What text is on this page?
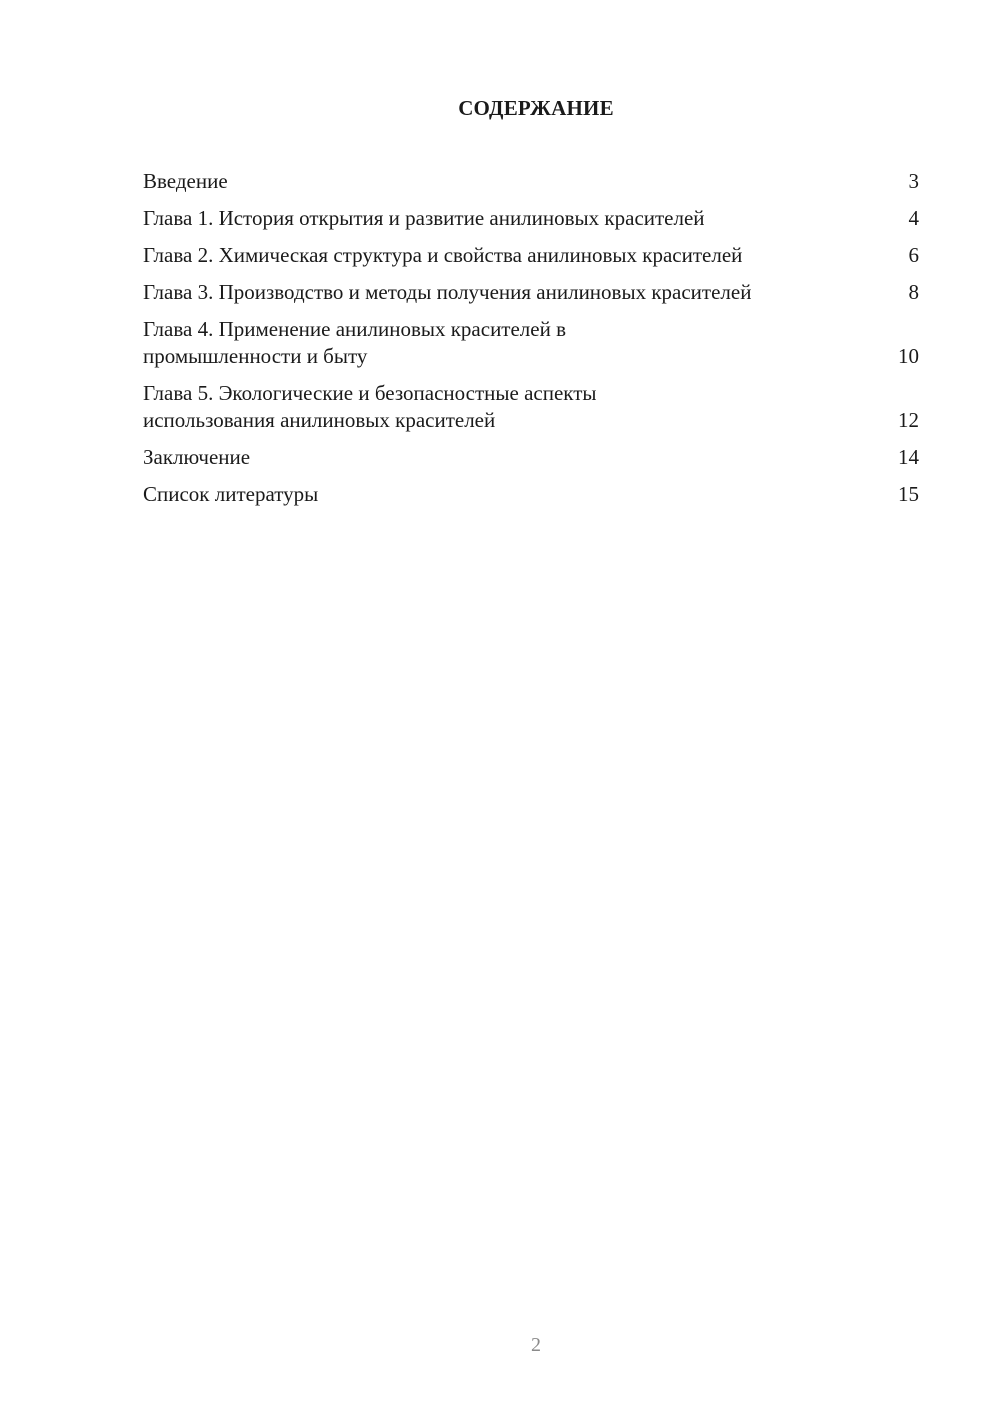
СОДЕРЖАНИЕ
Введение	3
Глава 1. История открытия и развитие анилиновых красителей	4
Глава 2. Химическая структура и свойства анилиновых красителей	6
Глава 3. Производство и методы получения анилиновых красителей	8
Глава 4. Применение анилиновых красителей в промышленности и быту	10
Глава 5. Экологические и безопасностные аспекты использования анилиновых красителей	12
Заключение	14
Список литературы	15
2
